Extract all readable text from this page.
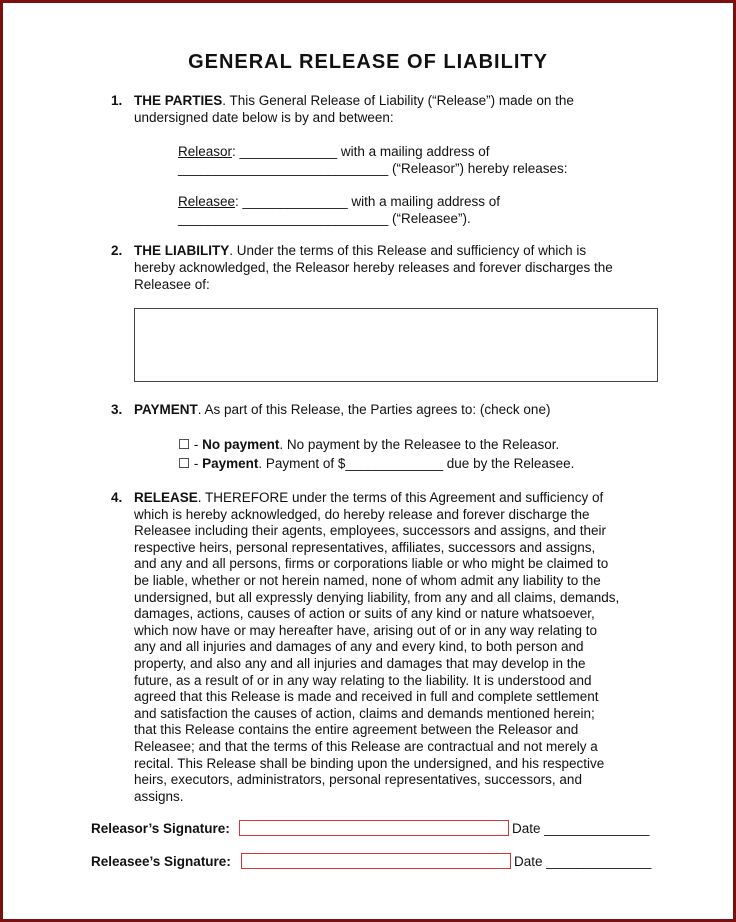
GENERAL RELEASE OF LIABILITY
1. THE PARTIES. This General Release of Liability (“Release”) made on the
undersigned date below is by and between:
Releasor: _____________ with a mailing address of
____________________________ (“Releasor”) hereby releases:
Releasee: ______________ with a mailing address of
____________________________ (“Releasee”).
2. THE LIABILITY. Under the terms of this Release and sufficiency of which is
hereby acknowledged, the Releasor hereby releases and forever discharges the
Releasee of:
3. PAYMENT. As part of this Release, the Parties agrees to: (check one)
☐ - No payment. No payment by the Releasee to the Releasor.
☐ - Payment. Payment of $_____________ due by the Releasee.
4. RELEASE. THEREFORE under the terms of this Agreement and sufficiency of
which is hereby acknowledged, do hereby release and forever discharge the
Releasee including their agents, employees, successors and assigns, and their
respective heirs, personal representatives, affiliates, successors and assigns,
and any and all persons, firms or corporations liable or who might be claimed to
be liable, whether or not herein named, none of whom admit any liability to the
undersigned, but all expressly denying liability, from any and all claims, demands,
damages, actions, causes of action or suits of any kind or nature whatsoever,
which now have or may hereafter have, arising out of or in any way relating to
any and all injuries and damages of any and every kind, to both person and
property, and also any and all injuries and damages that may develop in the
future, as a result of or in any way relating to the liability. It is understood and
agreed that this Release is made and received in full and complete settlement
and satisfaction the causes of action, claims and demands mentioned herein;
that this Release contains the entire agreement between the Releasor and
Releasee; and that the terms of this Release are contractual and not merely a
recital. This Release shall be binding upon the undersigned, and his respective
heirs, executors, administrators, personal representatives, successors, and
assigns.
Releasor’s Signature:	Date ______________
Releasee’s Signature:	Date ______________
